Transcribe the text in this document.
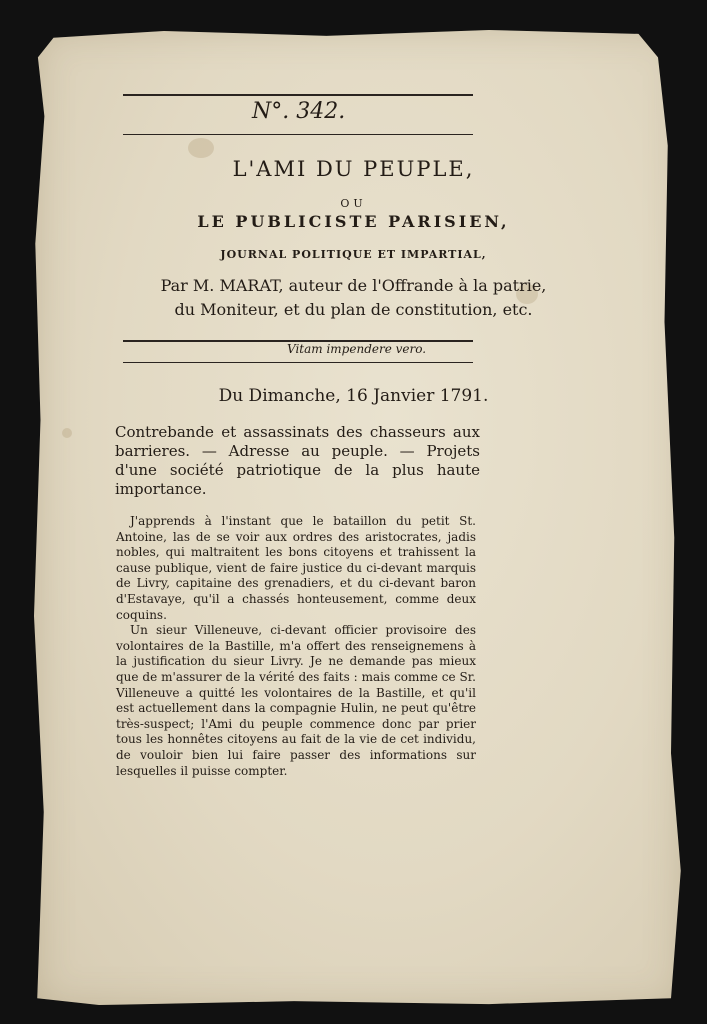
N°. 342.
L'AMI DU PEUPLE,
OU
LE PUBLICISTE PARISIEN,
JOURNAL POLITIQUE ET IMPARTIAL,
Par M. MARAT, auteur de l'Offrande à la patrie,
du Moniteur, et du plan de constitution, etc.
Vitam impendere vero.
Du Dimanche, 16 Janvier 1791.
Contrebande et assassinats des chasseurs aux barrieres. — Adresse au peuple. — Projets d'une société patriotique de la plus haute importance.

J'apprends à l'instant que le bataillon du petit St. Antoine, las de se voir aux ordres des aristocrates, jadis nobles, qui maltraitent les bons citoyens et trahissent la cause publique, vient de faire justice du ci-devant marquis de Livry, capitaine des grenadiers, et du ci-devant baron d'Estavaye, qu'il a chassés honteusement, comme deux coquins.

Un sieur Villeneuve, ci-devant officier provisoire des volontaires de la Bastille, m'a offert des renseignemens à la justification du sieur Livry. Je ne demande pas mieux que de m'assurer de la vérité des faits : mais comme ce Sr. Villeneuve a quitté les volontaires de la Bastille, et qu'il est actuellement dans la compagnie Hulin, ne peut qu'être très-suspect; l'Ami du peuple commence donc par prier tous les honnêtes citoyens au fait de la vie de cet individu, de vouloir bien lui faire passer des informations sur lesquelles il puisse compter.
